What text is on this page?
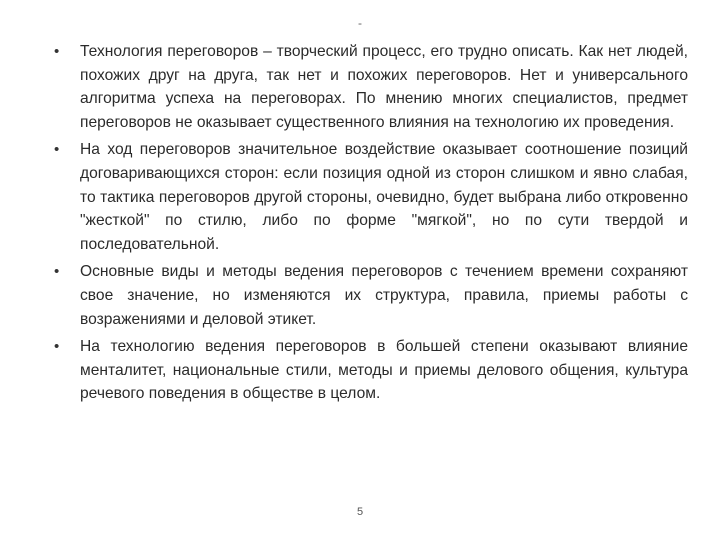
-
• Технология переговоров – творческий процесс, его трудно описать. Как нет людей, похожих друг на друга, так нет и похожих переговоров. Нет и универсального алгоритма успеха на переговорах. По мнению многих специалистов, предмет переговоров не оказывает существенного влияния на технологию их проведения.
• На ход переговоров значительное воздействие оказывает соотношение позиций договаривающихся сторон: если позиция одной из сторон слишком и явно слабая, то тактика переговоров другой стороны, очевидно, будет выбрана либо откровенно "жесткой" по стилю, либо по форме "мягкой", но по сути твердой и последовательной.
• Основные виды и методы ведения переговоров с течением времени сохраняют свое значение, но изменяются их структура, правила, приемы работы с возражениями и деловой этикет.
• На технологию ведения переговоров в большей степени оказывают влияние менталитет, национальные стили, методы и приемы делового общения, культура речевого поведения в обществе в целом.
5
